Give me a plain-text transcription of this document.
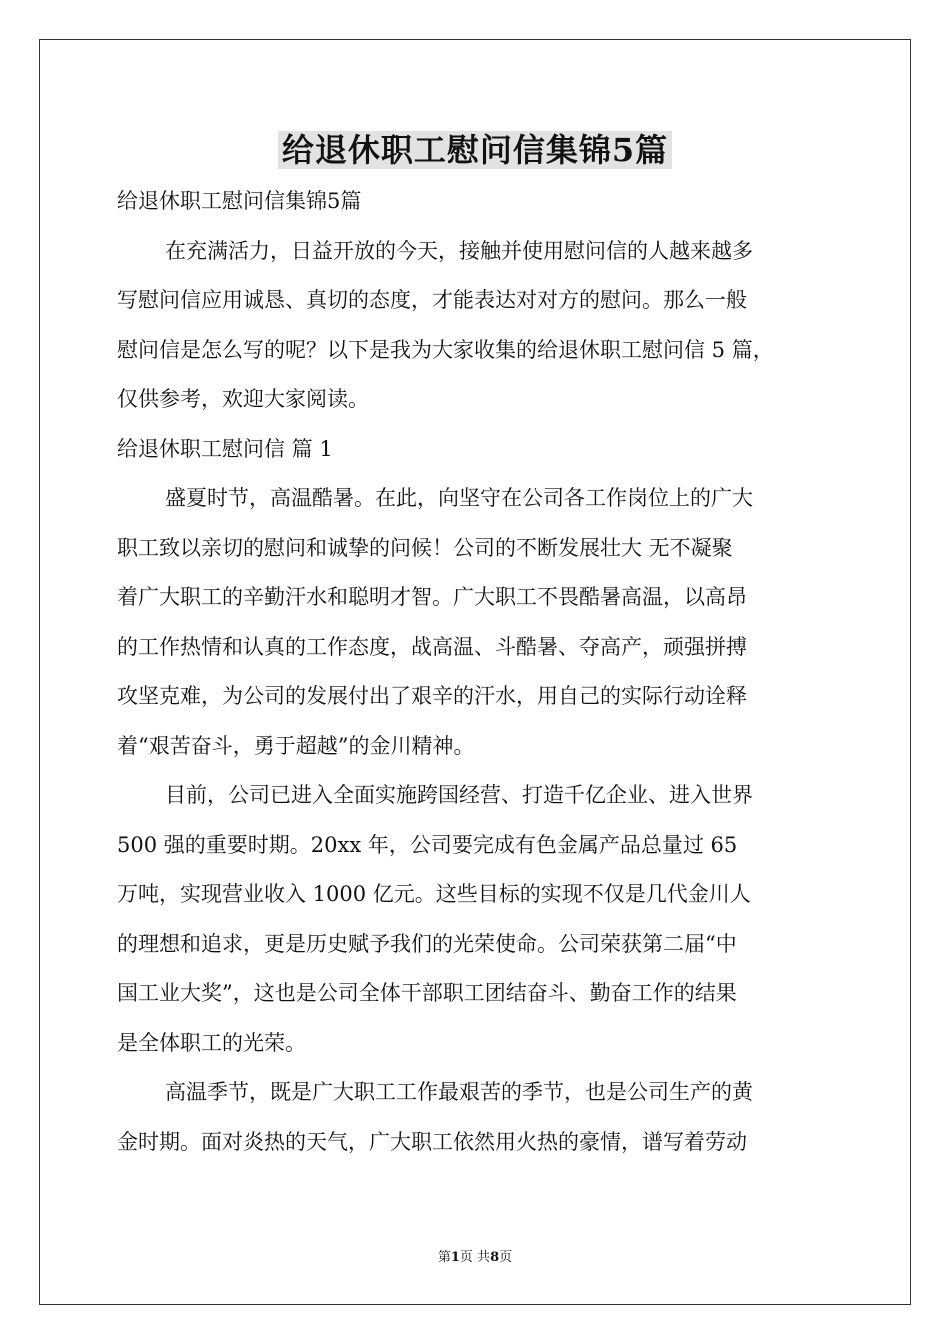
给退休职工慰问信集锦5篇

给退休职工慰问信集锦5篇

在充满活力，日益开放的今天，接触并使用慰问信的人越来越多

写慰问信应用诚恳、真切的态度，才能表达对对方的慰问。那么一般

慰问信是怎么写的呢？以下是我为大家收集的给退休职工慰问信 5 篇，

仅供参考，欢迎大家阅读。

给退休职工慰问信 篇 1

盛夏时节，高温酷暑。在此，向坚守在公司各工作岗位上的广大

职工致以亲切的慰问和诚挚的问候！公司的不断发展壮大 无不凝聚

着广大职工的辛勤汗水和聪明才智。广大职工不畏酷暑高温，以高昂

的工作热情和认真的工作态度，战高温、斗酷暑、夺高产，顽强拼搏

攻坚克难，为公司的发展付出了艰辛的汗水，用自己的实际行动诠释

着“艰苦奋斗，勇于超越”的金川精神。

目前，公司已进入全面实施跨国经营、打造千亿企业、进入世界

500 强的重要时期。20xx 年，公司要完成有色金属产品总量过 65

万吨，实现营业收入 1000 亿元。这些目标的实现不仅是几代金川人

的理想和追求，更是历史赋予我们的光荣使命。公司荣获第二届“中

国工业大奖”，这也是公司全体干部职工团结奋斗、勤奋工作的结果

是全体职工的光荣。

高温季节，既是广大职工工作最艰苦的季节，也是公司生产的黄

金时期。面对炎热的天气，广大职工依然用火热的豪情，谱写着劳动

第1页 共8页
